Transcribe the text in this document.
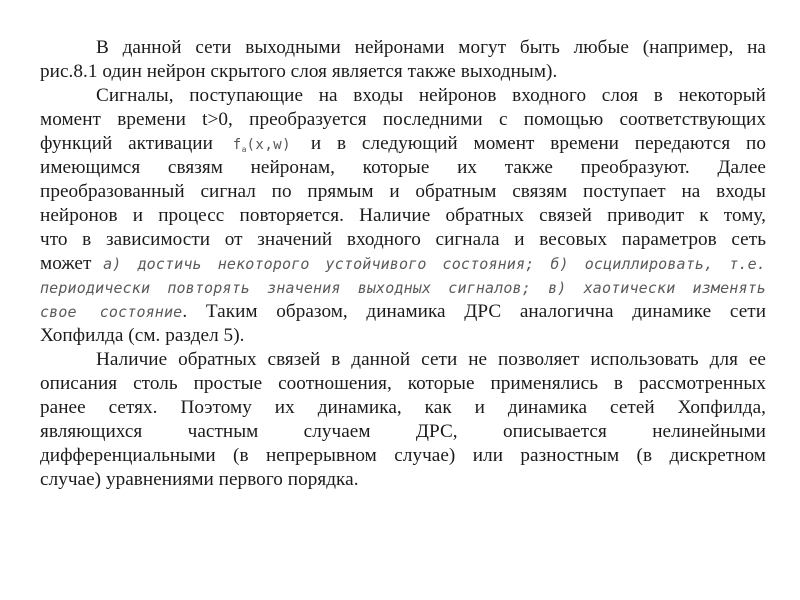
В данной сети выходными нейронами могут быть любые (например, на
рис.8.1 один нейрон скрытого слоя является также выходным).
Сигналы, поступающие на входы нейронов входного слоя в некоторый
момент времени t>0, преобразуется последними с помощью соответствующих
функций активации $f_a(x,w)$ и в следующий момент времени передаются по
имеющимся связям нейронам, которые их также преобразуют. Далее
преобразованный сигнал по прямым и обратным связям поступает на входы
нейронов и процесс повторяется. Наличие обратных связей приводит к тому,
что в зависимости от значений входного сигнала и весовых параметров сеть
может а) достичь некоторого устойчивого состояния; б) осциллировать, т.е.
периодически повторять значения выходных сигналов; в) хаотически изменять
свое состояние. Таким образом, динамика ДРС аналогична динамике сети
Хопфилда (см. раздел 5).
Наличие обратных связей в данной сети не позволяет использовать для ее
описания столь простые соотношения, которые применялись в рассмотренных
ранее сетях. Поэтому их динамика, как и динамика сетей Хопфилда,
являющихся частным случаем ДРС, описывается нелинейными
дифференциальными (в непрерывном случае) или разностным (в дискретном
случае) уравнениями первого порядка.
